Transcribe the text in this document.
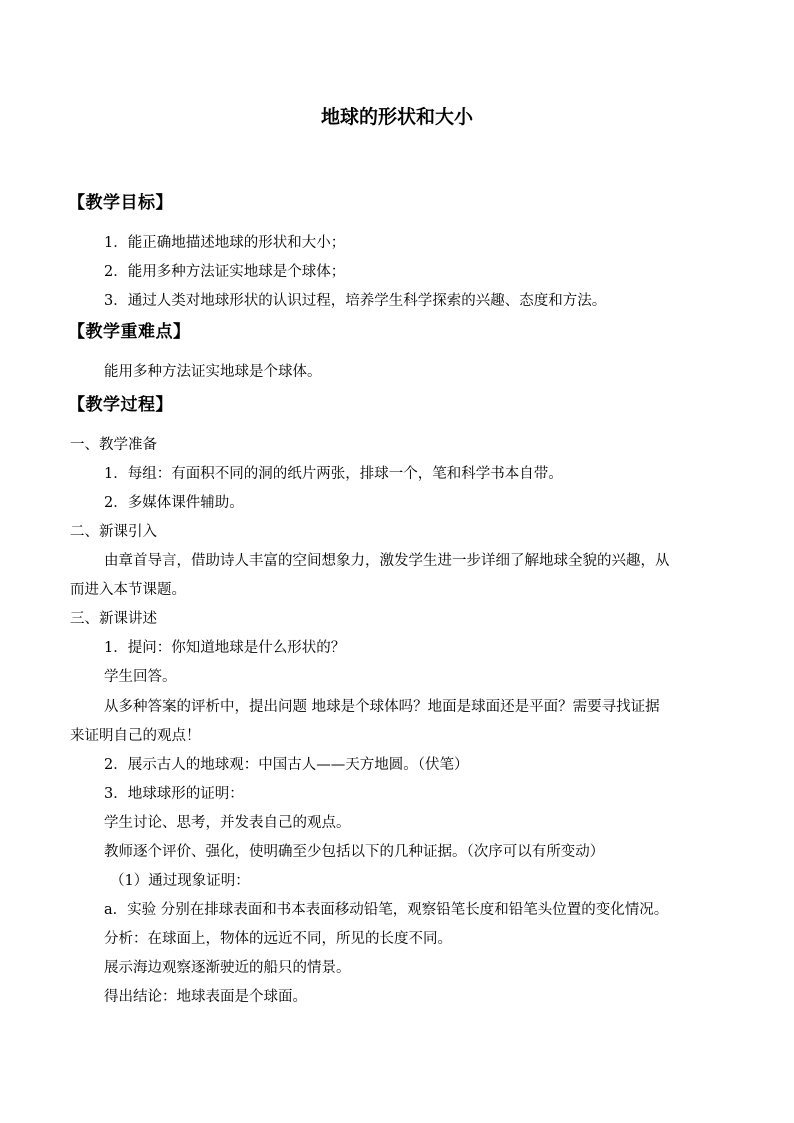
地球的形状和大小
【教学目标】
1．能正确地描述地球的形状和大小；
2．能用多种方法证实地球是个球体；
3．通过人类对地球形状的认识过程，培养学生科学探索的兴趣、态度和方法。
【教学重难点】
能用多种方法证实地球是个球体。
【教学过程】
一、教学准备
1．每组：有面积不同的洞的纸片两张，排球一个，笔和科学书本自带。
2．多媒体课件辅助。
二、新课引入
由章首导言，借助诗人丰富的空间想象力，激发学生进一步详细了解地球全貌的兴趣，从
而进入本节课题。
三、新课讲述
1．提问：你知道地球是什么形状的？
学生回答。
从多种答案的评析中，提出问题 地球是个球体吗？地面是球面还是平面？需要寻找证据
来证明自己的观点！
2．展示古人的地球观：中国古人——天方地圆。（伏笔）
3．地球球形的证明：
学生讨论、思考，并发表自己的观点。
教师逐个评价、强化，使明确至少包括以下的几种证据。（次序可以有所变动）
（1）通过现象证明：
a．实验 分别在排球表面和书本表面移动铅笔，观察铅笔长度和铅笔头位置的变化情况。
分析：在球面上，物体的远近不同，所见的长度不同。
展示海边观察逐渐驶近的船只的情景。
得出结论：地球表面是个球面。
